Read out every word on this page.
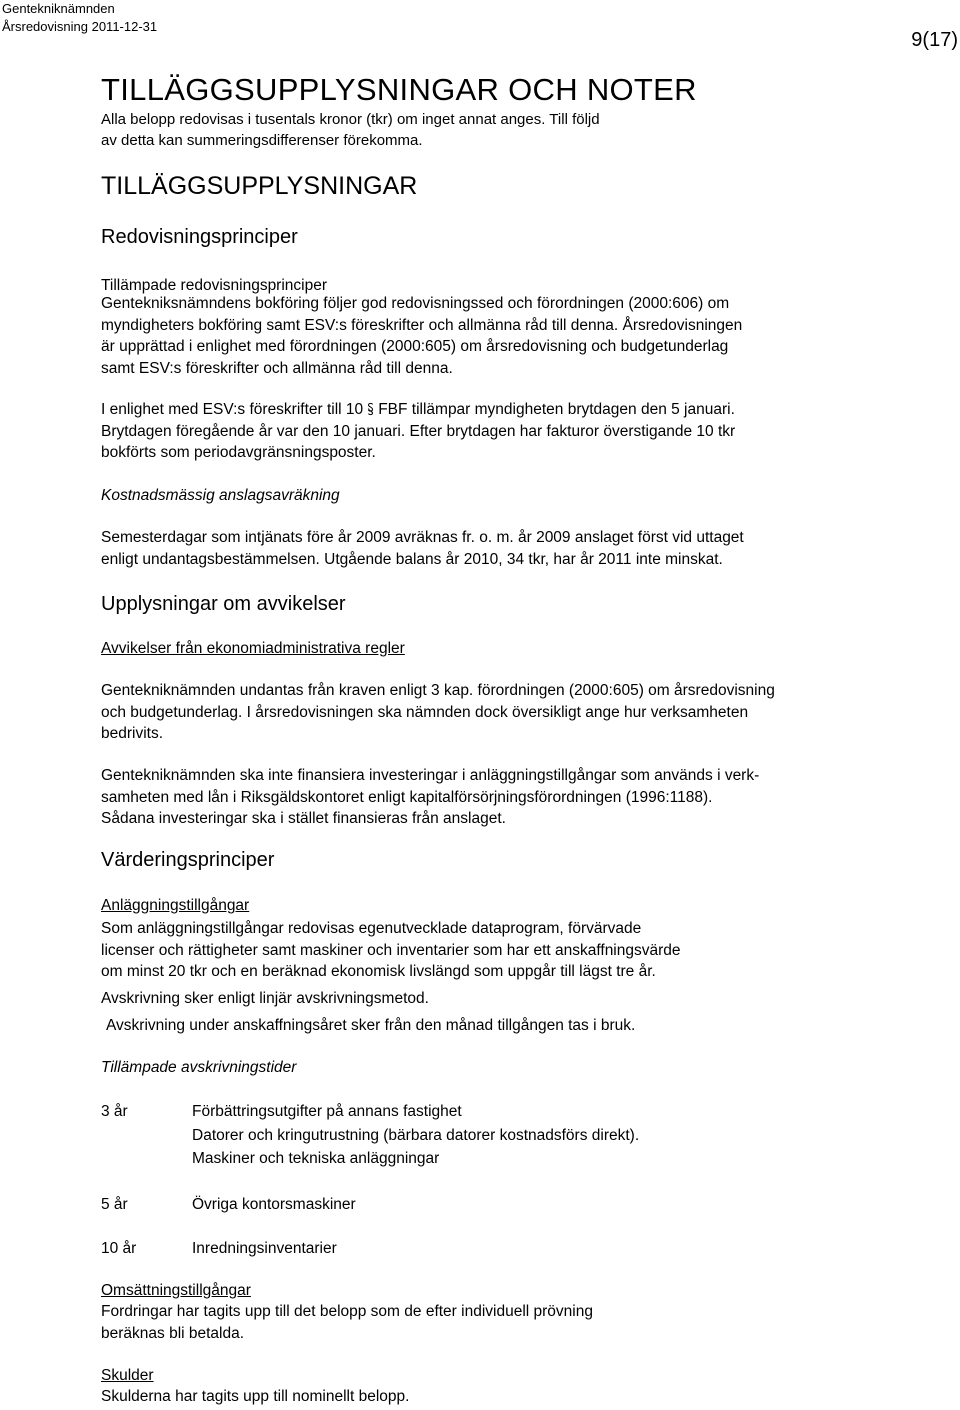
Gentekniknämnden
Årsredovisning 2011-12-31
9(17)
TILLÄGGSUPPLYSNINGAR OCH NOTER
Alla belopp redovisas i tusentals kronor (tkr) om inget annat anges. Till följd
av detta kan summeringsdifferenser förekomma.
TILLÄGGSUPPLYSNINGAR
Redovisningsprinciper
Tillämpade redovisningsprinciper
Gentekniksnämndens bokföring följer god redovisningssed och förordningen (2000:606) om
myndigheters bokföring samt ESV:s föreskrifter och allmänna råd till denna. Årsredovisningen
är upprättad i enlighet med förordningen (2000:605) om årsredovisning och budgetunderlag
samt ESV:s föreskrifter och allmänna råd till denna.
I enlighet med ESV:s föreskrifter till 10 FBF tillämpar myndigheten brytdagen den 5 januari.
Brytdagen föregående år var den 10 januari. Efter brytdagen har fakturor överstigande 10 tkr
bokförts som periodavgränsningsposter.
Kostnadsmässig anslagsavräkning
Semesterdagar som intjänats före år 2009 avräknas fr. o. m. år 2009 anslaget först vid uttaget
enligt undantagsbestämmelsen. Utgående balans år 2010, 34 tkr, har år 2011 inte minskat.
Upplysningar om avvikelser
Avvikelser från ekonomiadministrativa regler
Gentekniknämnden undantas från kraven enligt 3 kap. förordningen (2000:605) om årsredovisning
och budgetunderlag. I årsredovisningen ska nämnden dock översikligt ange hur verksamheten
bedrivits.
Gentekniknämnden ska inte finansiera investeringar i anläggningstillgångar som används i verk-
samheten med lån i Riksgäldskontoret enligt kapitalförsörjningsförordningen (1996:1188).
Sådana investeringar ska i stället finansieras från anslaget.
Värderingsprinciper
Anläggningstillgångar
Som anläggningstillgångar redovisas egenutvecklade dataprogram, förvärvade
licenser och rättigheter samt maskiner och inventarier som har ett anskaffningsvärde
om minst 20 tkr och en beräknad ekonomisk livslängd som uppgår till lägst tre år.
Avskrivning sker enligt linjär avskrivningsmetod.
Avskrivning under anskaffningsåret sker från den månad tillgången tas i bruk.
Tillämpade avskrivningstider
3 år	Förbättringsutgifter på annans fastighet
Datorer och kringutrustning (bärbara datorer kostnadsförs direkt).
Maskiner och tekniska anläggningar
5 år	Övriga kontorsmaskiner
10 år	Inredningsinventarier
Omsättningstillgångar
Fordringar har tagits upp till det belopp som de efter individuell prövning
beräknas bli betalda.
Skulder
Skulderna har tagits upp till nominellt belopp.
